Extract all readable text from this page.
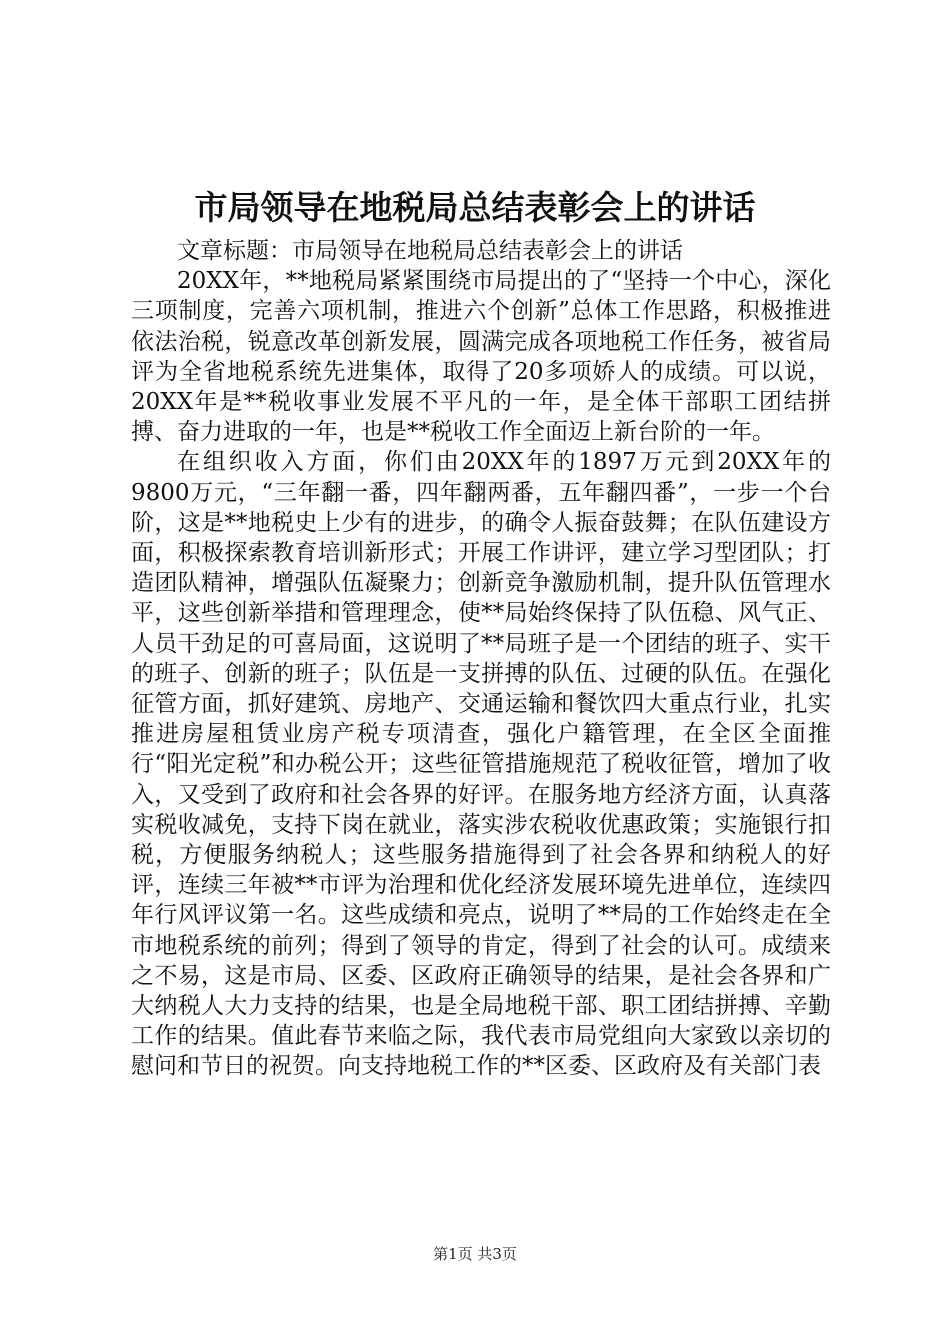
市局领导在地税局总结表彰会上的讲话

文章标题：市局领导在地税局总结表彰会上的讲话

20XX年，**地税局紧紧围绕市局提出的了“坚持一个中心，深化三项制度，完善六项机制，推进六个创新”总体工作思路，积极推进依法治税，锐意改革创新发展，圆满完成各项地税工作任务，被省局评为全省地税系统先进集体，取得了20多项娇人的成绩。可以说，20XX年是**税收事业发展不平凡的一年，是全体干部职工团结拼搏、奋力进取的一年，也是**税收工作全面迈上新台阶的一年。

在组织收入方面，你们由20XX年的1897万元到20XX年的9800万元，“三年翻一番，四年翻两番，五年翻四番”，一步一个台阶，这是**地税史上少有的进步，的确令人振奋鼓舞；在队伍建设方面，积极探索教育培训新形式；开展工作讲评，建立学习型团队；打造团队精神，增强队伍凝聚力；创新竞争激励机制，提升队伍管理水平，这些创新举措和管理理念，使**局始终保持了队伍稳、风气正、人员干劲足的可喜局面，这说明了**局班子是一个团结的班子、实干的班子、创新的班子；队伍是一支拼搏的队伍、过硬的队伍。在强化征管方面，抓好建筑、房地产、交通运输和餐饮四大重点行业，扎实推进房屋租赁业房产税专项清查，强化户籍管理，在全区全面推行“阳光定税”和办税公开；这些征管措施规范了税收征管，增加了收入，又受到了政府和社会各界的好评。在服务地方经济方面，认真落实税收减免，支持下岗在就业，落实涉农税收优惠政策；实施银行扣税，方便服务纳税人；这些服务措施得到了社会各界和纳税人的好评，连续三年被**市评为治理和优化经济发展环境先进单位，连续四年行风评议第一名。这些成绩和亮点，说明了**局的工作始终走在全市地税系统的前列；得到了领导的肯定，得到了社会的认可。成绩来之不易，这是市局、区委、区政府正确领导的结果，是社会各界和广大纳税人大力支持的结果，也是全局地税干部、职工团结拼搏、辛勤工作的结果。值此春节来临之际，我代表市局党组向大家致以亲切的慰问和节日的祝贺。向支持地税工作的**区委、区政府及有关部门表

第1页 共3页
